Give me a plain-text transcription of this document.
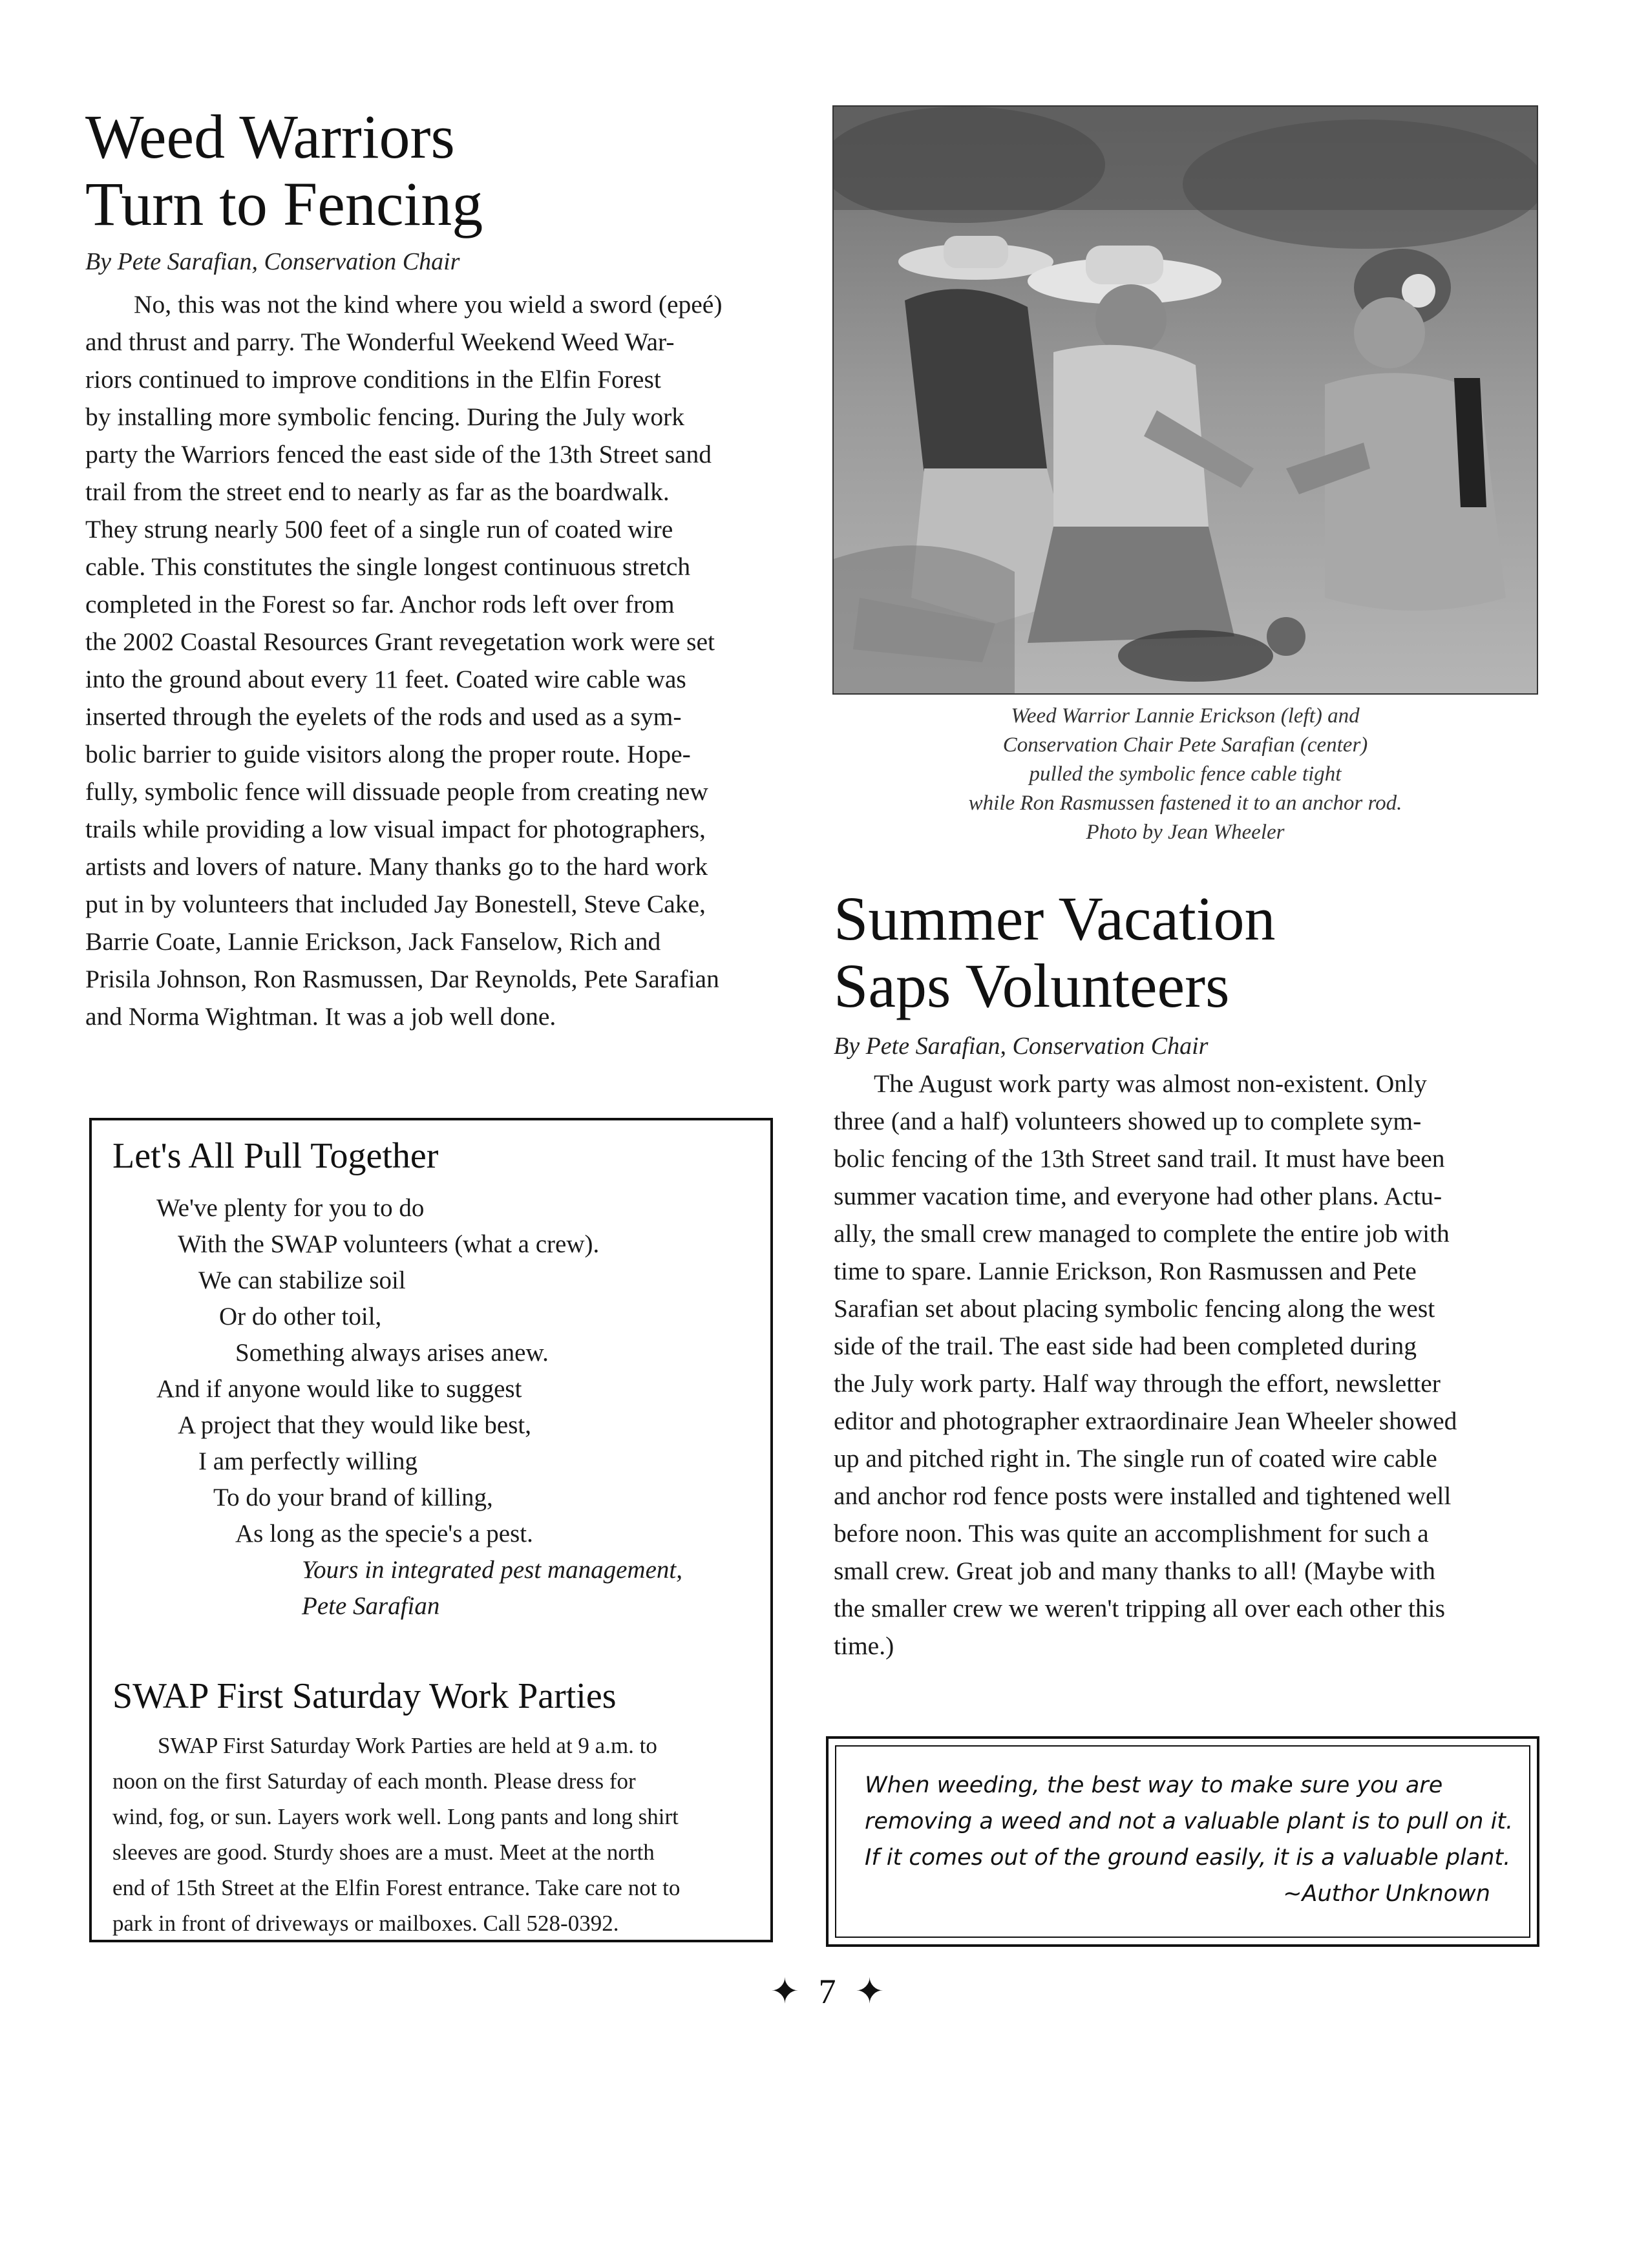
Weed Warriors
Turn to Fencing
By Pete Sarafian, Conservation Chair
No, this was not the kind where you wield a sword (epeé)
and thrust and parry. The Wonderful Weekend Weed War-
riors continued to improve conditions in the Elfin Forest
by installing more symbolic fencing. During the July work
party the Warriors fenced the east side of the 13th Street sand
trail from the street end to nearly as far as the boardwalk.
They strung nearly 500 feet of a single run of coated wire
cable. This constitutes the single longest continuous stretch
completed in the Forest so far. Anchor rods left over from
the 2002 Coastal Resources Grant revegetation work were set
into the ground about every 11 feet. Coated wire cable was
inserted through the eyelets of the rods and used as a sym-
bolic barrier to guide visitors along the proper route. Hope-
fully, symbolic fence will dissuade people from creating new
trails while providing a low visual impact for photographers,
artists and lovers of nature. Many thanks go to the hard work
put in by volunteers that included Jay Bonestell, Steve Cake,
Barrie Coate, Lannie Erickson, Jack Fanselow, Rich and
Prisila Johnson, Ron Rasmussen, Dar Reynolds, Pete Sarafian
and Norma Wightman. It was a job well done.
Weed Warrior Lannie Erickson (left) and
Conservation Chair Pete Sarafian (center)
pulled the symbolic fence cable tight
while Ron Rasmussen fastened it to an anchor rod.
Photo by Jean Wheeler
Summer Vacation
Saps Volunteers
By Pete Sarafian, Conservation Chair
The August work party was almost non-existent. Only
three (and a half) volunteers showed up to complete sym-
bolic fencing of the 13th Street sand trail. It must have been
summer vacation time, and everyone had other plans. Actu-
ally, the small crew managed to complete the entire job with
time to spare. Lannie Erickson, Ron Rasmussen and Pete
Sarafian set about placing symbolic fencing along the west
side of the trail. The east side had been completed during
the July work party. Half way through the effort, newsletter
editor and photographer extraordinaire Jean Wheeler showed
up and pitched right in. The single run of coated wire cable
and anchor rod fence posts were installed and tightened well
before noon. This was quite an accomplishment for such a
small crew. Great job and many thanks to all! (Maybe with
the smaller crew we weren't tripping all over each other this
time.)
Let's All Pull Together
We've plenty for you to do
With the SWAP volunteers (what a crew).
We can stabilize soil
Or do other toil,
Something always arises anew.
And if anyone would like to suggest
A project that they would like best,
I am perfectly willing
To do your brand of killing,
As long as the specie's a pest.
Yours in integrated pest management,
Pete Sarafian
SWAP First Saturday Work Parties
SWAP First Saturday Work Parties are held at 9 a.m. to
noon on the first Saturday of each month. Please dress for
wind, fog, or sun. Layers work well. Long pants and long shirt
sleeves are good. Sturdy shoes are a must. Meet at the north
end of 15th Street at the Elfin Forest entrance. Take care not to
park in front of driveways or mailboxes. Call 528-0392.
When weeding, the best way to make sure you are
removing a weed and not a valuable plant is to pull on it.
If it comes out of the ground easily, it is a valuable plant.
~Author Unknown
✦ 7 ✦
